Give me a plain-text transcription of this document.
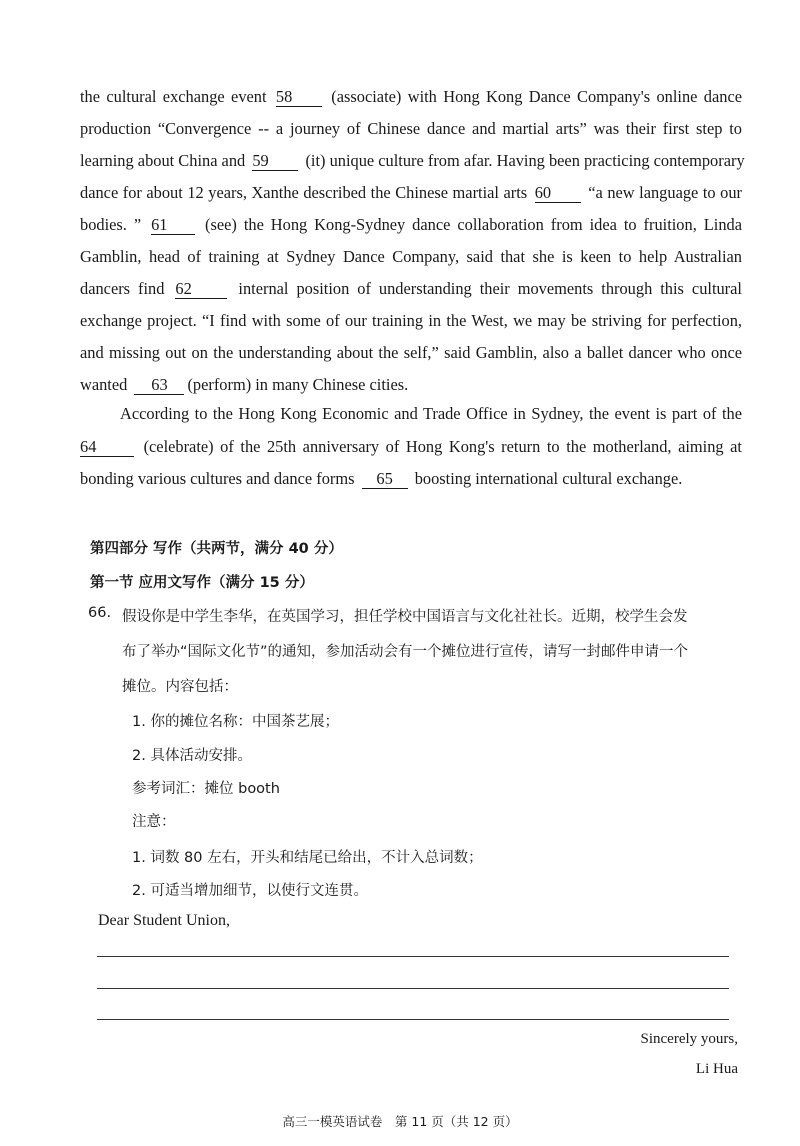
the cultural exchange event 58 (associate) with Hong Kong Dance Company's online dance
production “Convergence -- a journey of Chinese dance and martial arts” was their first step to
learning about China and 59 (it) unique culture from afar. Having been practicing contemporary
dance for about 12 years, Xanthe described the Chinese martial arts 60 “a new language to our
bodies. ” 61 (see) the Hong Kong-Sydney dance collaboration from idea to fruition, Linda
Gamblin, head of training at Sydney Dance Company, said that she is keen to help Australian
dancers find 62	internal position of understanding their movements through this cultural
exchange project. “I find with some of our training in the West, we may be striving for perfection,
and missing out on the understanding about the self,” said Gamblin, also a ballet dancer who once
wanted 63 (perform) in many Chinese cities.
According to the Hong Kong Economic and Trade Office in Sydney, the event is part of the
64	(celebrate) of the 25th anniversary of Hong Kong's return to the motherland, aiming at
bonding various cultures and dance forms 65 boosting international cultural exchange.
第四部分 写作（共两节，满分 40 分）
第一节 应用文写作（满分 15 分）
66. 假设你是中学生李华，在英国学习，担任学校中国语言与文化社社长。近期，校学生会发
布了举办“国际文化节”的通知，参加活动会有一个摊位进行宣传，请写一封邮件申请一个
摊位。内容包括：
1. 你的摊位名称：中国茶艺展；
2. 具体活动安排。
参考词汇：摊位 booth
注意：
1. 词数 80 左右，开头和结尾已给出，不计入总词数；
2. 可适当增加细节，以使行文连贯。
Dear Student Union,
Sincerely yours,
Li Hua
高三一模英语试卷　第 11 页（共 12 页）
